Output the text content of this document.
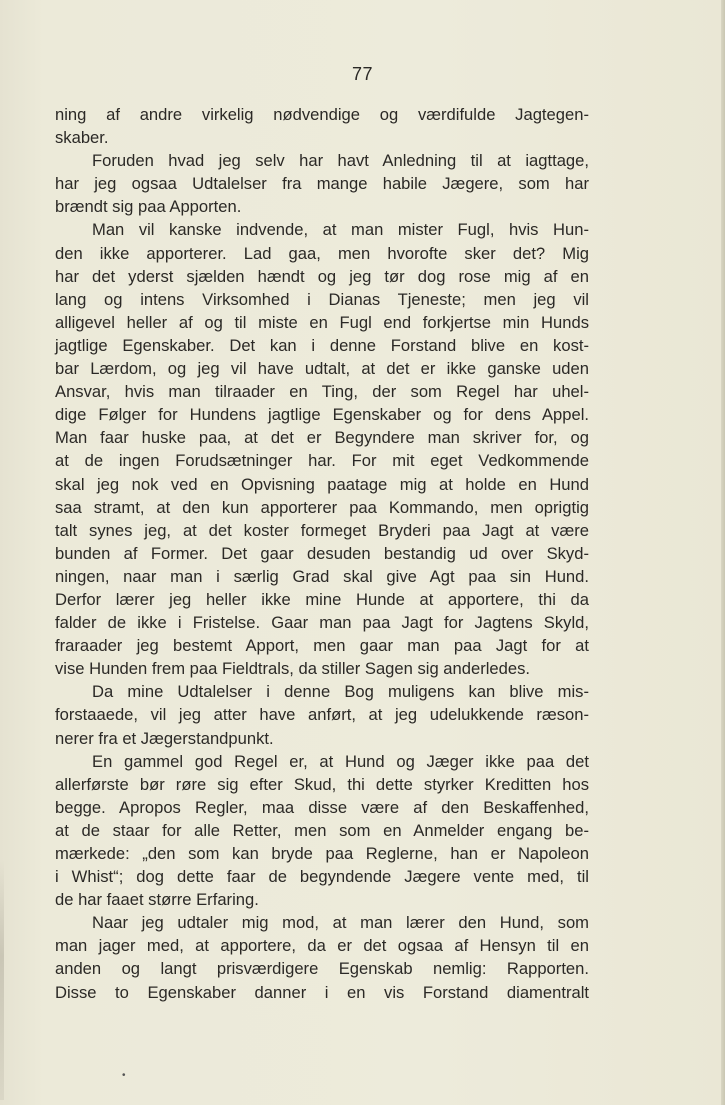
77
ning af andre virkelig nødvendige og værdifulde Jagtegen-
skaber.
Foruden hvad jeg selv har havt Anledning til at iagttage,
har jeg ogsaa Udtalelser fra mange habile Jægere, som har
brændt sig paa Apporten.
Man vil kanske indvende, at man mister Fugl, hvis Hun-
den ikke apporterer. Lad gaa, men hvorofte sker det? Mig
har det yderst sjælden hændt og jeg tør dog rose mig af en
lang og intens Virksomhed i Dianas Tjeneste; men jeg vil
alligevel heller af og til miste en Fugl end forkjertse min Hunds
jagtlige Egenskaber. Det kan i denne Forstand blive en kost-
bar Lærdom, og jeg vil have udtalt, at det er ikke ganske uden
Ansvar, hvis man tilraader en Ting, der som Regel har uhel-
dige Følger for Hundens jagtlige Egenskaber og for dens Appel.
Man faar huske paa, at det er Begyndere man skriver for, og
at de ingen Forudsætninger har. For mit eget Vedkommende
skal jeg nok ved en Opvisning paatage mig at holde en Hund
saa stramt, at den kun apporterer paa Kommando, men oprigtig
talt synes jeg, at det koster formeget Bryderi paa Jagt at være
bunden af Former. Det gaar desuden bestandig ud over Skyd-
ningen, naar man i særlig Grad skal give Agt paa sin Hund.
Derfor lærer jeg heller ikke mine Hunde at apportere, thi da
falder de ikke i Fristelse. Gaar man paa Jagt for Jagtens Skyld,
fraraader jeg bestemt Apport, men gaar man paa Jagt for at
vise Hunden frem paa Fieldtrals, da stiller Sagen sig anderledes.
Da mine Udtalelser i denne Bog muligens kan blive mis-
forstaaede, vil jeg atter have anført, at jeg udelukkende ræson-
nerer fra et Jægerstandpunkt.
En gammel god Regel er, at Hund og Jæger ikke paa det
allerførste bør røre sig efter Skud, thi dette styrker Kreditten hos
begge. Apropos Regler, maa disse være af den Beskaffenhed,
at de staar for alle Retter, men som en Anmelder engang be-
mærkede: „den som kan bryde paa Reglerne, han er Napoleon
i Whist“; dog dette faar de begyndende Jægere vente med, til
de har faaet større Erfaring.
Naar jeg udtaler mig mod, at man lærer den Hund, som
man jager med, at apportere, da er det ogsaa af Hensyn til en
anden og langt prisværdigere Egenskab nemlig: Rapporten.
Disse to Egenskaber danner i en vis Forstand diamentralt
•
